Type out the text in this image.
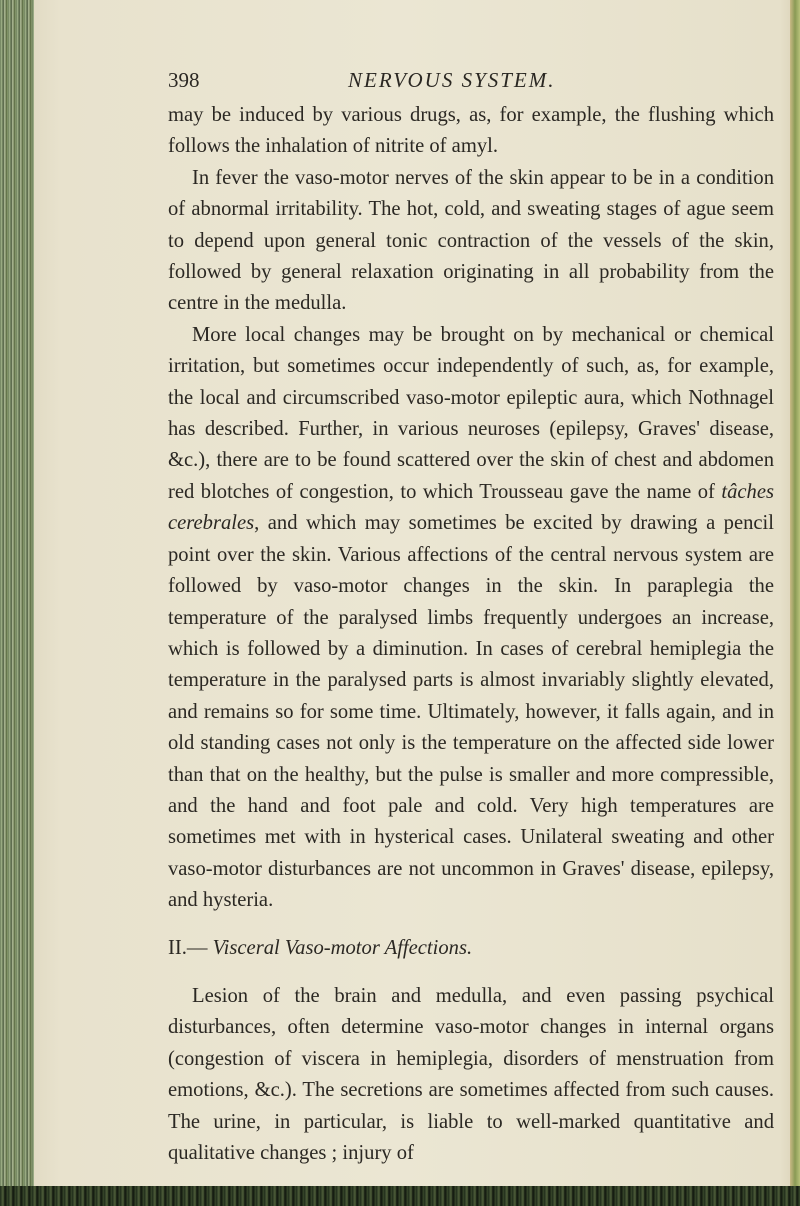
398	NERVOUS SYSTEM.

may be induced by various drugs, as, for example, the flushing which follows the inhalation of nitrite of amyl.

In fever the vaso-motor nerves of the skin appear to be in a condition of abnormal irritability. The hot, cold, and sweating stages of ague seem to depend upon general tonic contraction of the vessels of the skin, followed by general relaxation originating in all probability from the centre in the medulla.

More local changes may be brought on by mechanical or chemical irritation, but sometimes occur independently of such, as, for example, the local and circumscribed vaso-motor epileptic aura, which Nothnagel has described. Further, in various neuroses (epilepsy, Graves' disease, &c.), there are to be found scattered over the skin of chest and abdomen red blotches of congestion, to which Trousseau gave the name of tâches cerebrales, and which may sometimes be excited by drawing a pencil point over the skin. Various affections of the central nervous system are followed by vaso-motor changes in the skin. In paraplegia the temperature of the paralysed limbs frequently undergoes an increase, which is followed by a diminution. In cases of cerebral hemiplegia the temperature in the paralysed parts is almost invariably slightly elevated, and remains so for some time. Ultimately, however, it falls again, and in old standing cases not only is the temperature on the affected side lower than that on the healthy, but the pulse is smaller and more compressible, and the hand and foot pale and cold. Very high temperatures are sometimes met with in hysterical cases. Unilateral sweating and other vaso-motor disturbances are not uncommon in Graves' disease, epilepsy, and hysteria.

II.— Visceral Vaso-motor Affections.

Lesion of the brain and medulla, and even passing psychical disturbances, often determine vaso-motor changes in internal organs (congestion of viscera in hemiplegia, disorders of menstruation from emotions, &c.). The secretions are sometimes affected from such causes. The urine, in particular, is liable to well-marked quantitative and qualitative changes ; injury of
